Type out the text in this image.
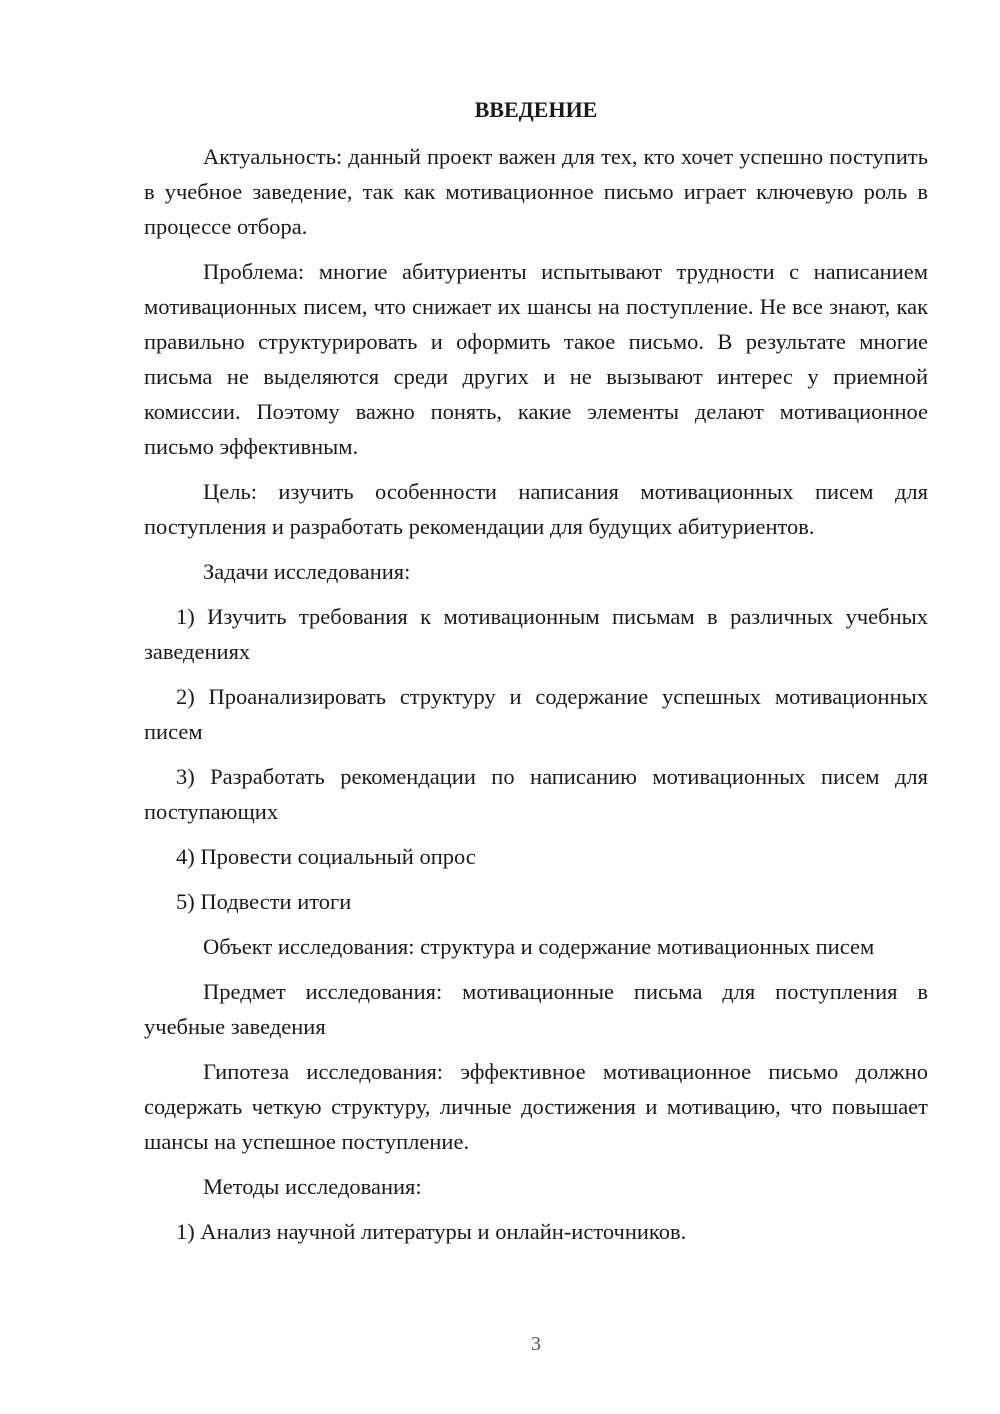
ВВЕДЕНИЕ

Актуальность: данный проект важен для тех, кто хочет успешно поступить в учебное заведение, так как мотивационное письмо играет ключевую роль в процессе отбора.

Проблема: многие абитуриенты испытывают трудности с написанием мотивационных писем, что снижает их шансы на поступление. Не все знают, как правильно структурировать и оформить такое письмо. В результате многие письма не выделяются среди других и не вызывают интерес у приемной комиссии. Поэтому важно понять, какие элементы делают мотивационное письмо эффективным.

Цель: изучить особенности написания мотивационных писем для поступления и разработать рекомендации для будущих абитуриентов.

Задачи исследования:

1) Изучить требования к мотивационным письмам в различных учебных заведениях

2) Проанализировать структуру и содержание успешных мотивационных писем

3) Разработать рекомендации по написанию мотивационных писем для поступающих

4) Провести социальный опрос

5) Подвести итоги

Объект исследования: структура и содержание мотивационных писем

Предмет исследования: мотивационные письма для поступления в учебные заведения

Гипотеза исследования: эффективное мотивационное письмо должно содержать четкую структуру, личные достижения и мотивацию, что повышает шансы на успешное поступление.

Методы исследования:

1) Анализ научной литературы и онлайн-источников.

3
